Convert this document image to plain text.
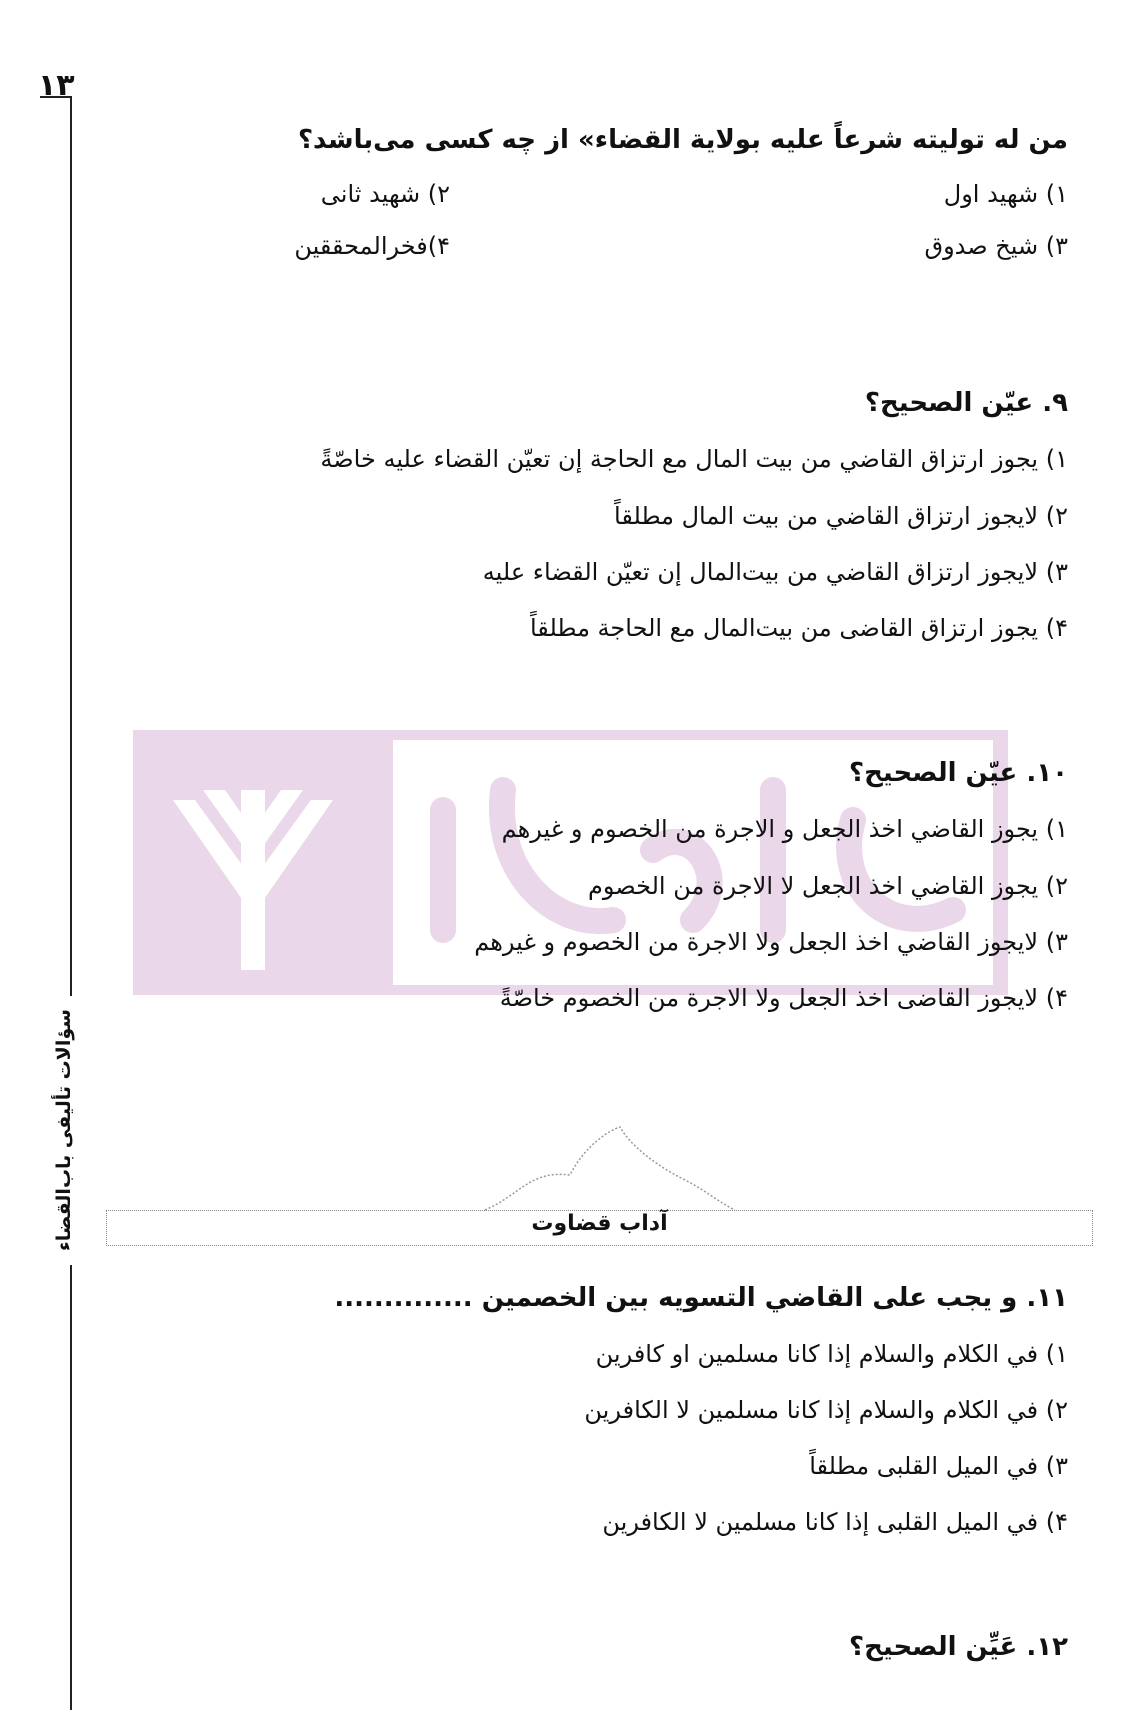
۱۳
سؤالات تألیفی باب‌القضاء
من له تولیته شرعاً علیه بولایة القضاء» از چه کسی می‌باشد؟
۱) شهید اول
۲) شهید ثانی
۳) شیخ صدوق
۴)فخرالمحققین
۹. عیّن الصحیح؟
۱) یجوز ارتزاق القاضي من بیت المال مع الحاجة إن تعیّن القضاء علیه خاصّةً
۲) لایجوز ارتزاق القاضي من بیت المال مطلقاً
۳) لایجوز ارتزاق القاضي من بیت‌المال إن تعیّن القضاء علیه
۴) یجوز ارتزاق القاضی من بیت‌المال مع الحاجة مطلقاً
۱۰. عیّن الصحیح؟
۱) یجوز القاضي اخذ الجعل و الاجرة من الخصوم و غیرهم
۲) یجوز القاضي اخذ الجعل لا الاجرة من الخصوم
۳) لایجوز القاضي اخذ الجعل ولا الاجرة من الخصوم و غیرهم
۴) لایجوز القاضی اخذ الجعل ولا الاجرة من الخصوم خاصّةً
۱۱. و یجب علی القاضي التسویه بین الخصمین ..............
۱) في الکلام والسلام إذا کانا مسلمین او کافرین
۲) في الکلام والسلام إذا کانا مسلمین لا الکافرین
۳) في المیل القلبی مطلقاً
۴) في المیل القلبی إذا کانا مسلمین لا الکافرین
۱۲. عَیِّن الصحیح؟
آداب قضاوت
